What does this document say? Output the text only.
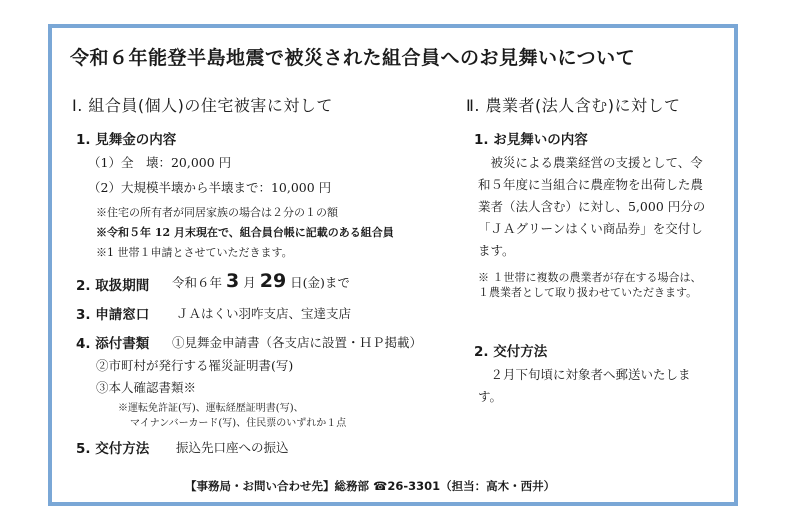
令和６年能登半島地震で被災された組合員へのお見舞いについて
Ⅰ. 組合員(個人)の住宅被害に対して
1. 見舞金の内容
（1）全　壊：20,000 円
（2）大規模半壊から半壊まで：10,000 円
※住宅の所有者が同居家族の場合は２分の１の額
※令和５年 12 月末現在で、組合員台帳に記載のある組合員
※1 世帯１申請とさせていただきます。
2. 取扱期間 令和６年 3 月 29 日(金)まで
3. 申請窓口 ＪＡはくい羽咋支店、宝達支店
4. 添付書類 ①見舞金申請書（各支店に設置・ＨＰ掲載）
②市町村が発行する罹災証明書(写)
③本人確認書類※
※運転免許証(写)、運転経歴証明書(写)、
マイナンバーカード(写)、住民票のいずれか１点
5. 交付方法 振込先口座への振込
Ⅱ. 農業者(法人含む)に対して
1. お見舞いの内容
　被災による農業経営の支援として、令和５年度に当組合に農産物を出荷した農業者（法人含む）に対し、5,000 円分の「ＪＡグリーンはくい商品券」を交付します。
※ １世帯に複数の農業者が存在する場合は、１農業者として取り扱わせていただきます。
2. 交付方法
　２月下旬頃に対象者へ郵送いたします。
【事務局・お問い合わせ先】総務部 ☎26-3301（担当：高木・西井）
